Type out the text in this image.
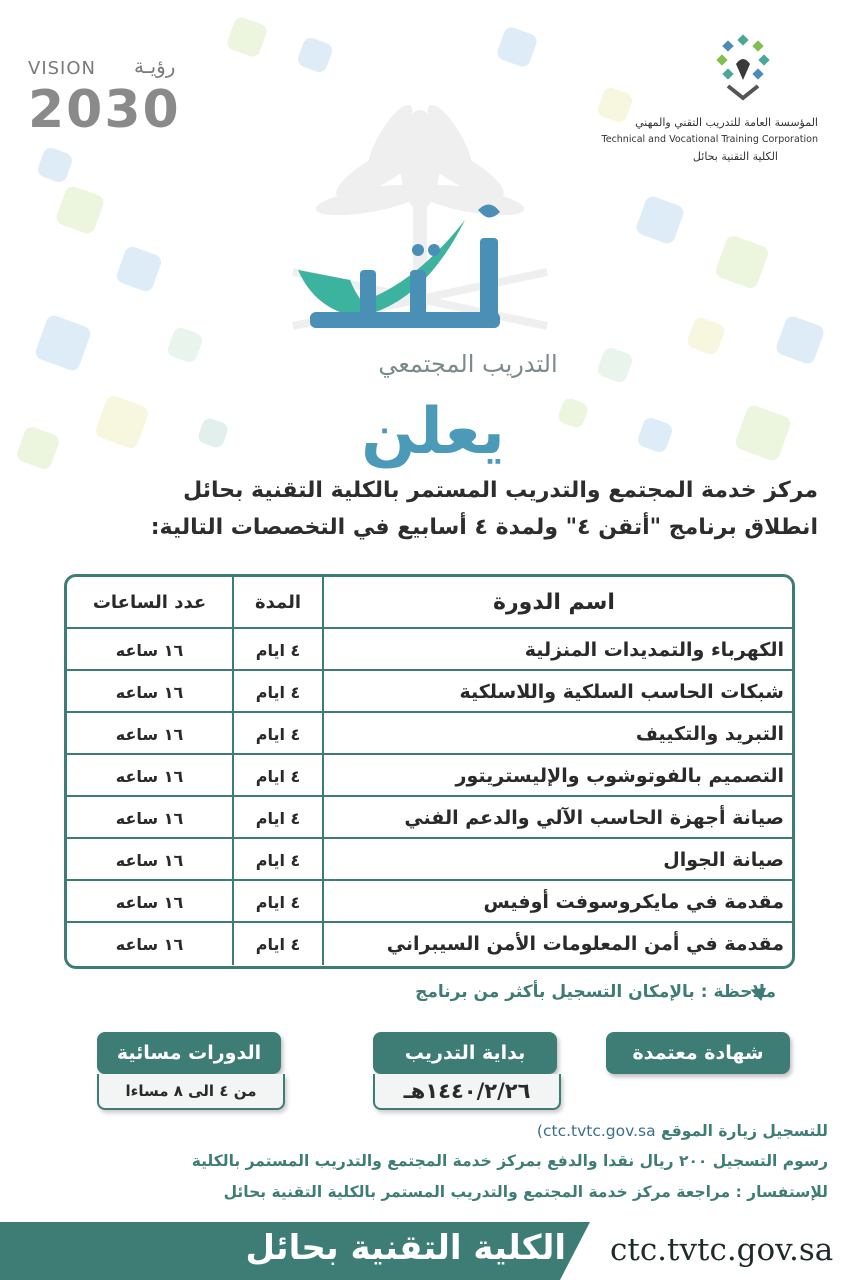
VISION رؤيـة
2030	المؤسسة العامة للتدريب التقني والمهني
Technical and Vocational Training Corporation
الكلية التقنية بحائل
التدريب المجتمعي
يعلن
مركز خدمة المجتمع والتدريب المستمر بالكلية التقنية بحائل
انطلاق برنامج "أتقن ٤" ولمدة ٤ أسابيع في التخصصات التالية:
اسم الدورة
المدة
عدد الساعات
الكهرباء والتمديدات المنزلية
٤ ايام
١٦ ساعه
شبكات الحاسب السلكية واللاسلكية
٤ ايام
١٦ ساعه
التبريد والتكييف
٤ ايام
١٦ ساعه
التصميم بالفوتوشوب والإليستريتور
٤ ايام
١٦ ساعه
صيانة أجهزة الحاسب الآلي والدعم الفني
٤ ايام
١٦ ساعه
صيانة الجوال
٤ ايام
١٦ ساعه
مقدمة في مايكروسوفت أوفيس
٤ ايام
١٦ ساعه
مقدمة في أمن المعلومات الأمن السيبراني
٤ ايام
١٦ ساعه
ملاحظة : بالإمكان التسجيل بأكثر من برنامج
شهادة معتمدة
بداية التدريب
١٤٤٠/٢/٢٦هـ
الدورات مسائية
من ٤ الى ٨ مساءا
للتسجيل زيارة الموقع (ctc.tvtc.gov.sa
رسوم التسجيل ٢٠٠ ريال نقدا والدفع بمركز خدمة المجتمع والتدريب المستمر بالكلية
للإستفسار : مراجعة مركز خدمة المجتمع والتدريب المستمر بالكلية التقنية بحائل
الكلية التقنية بحائل ctc.tvtc.gov.sa
